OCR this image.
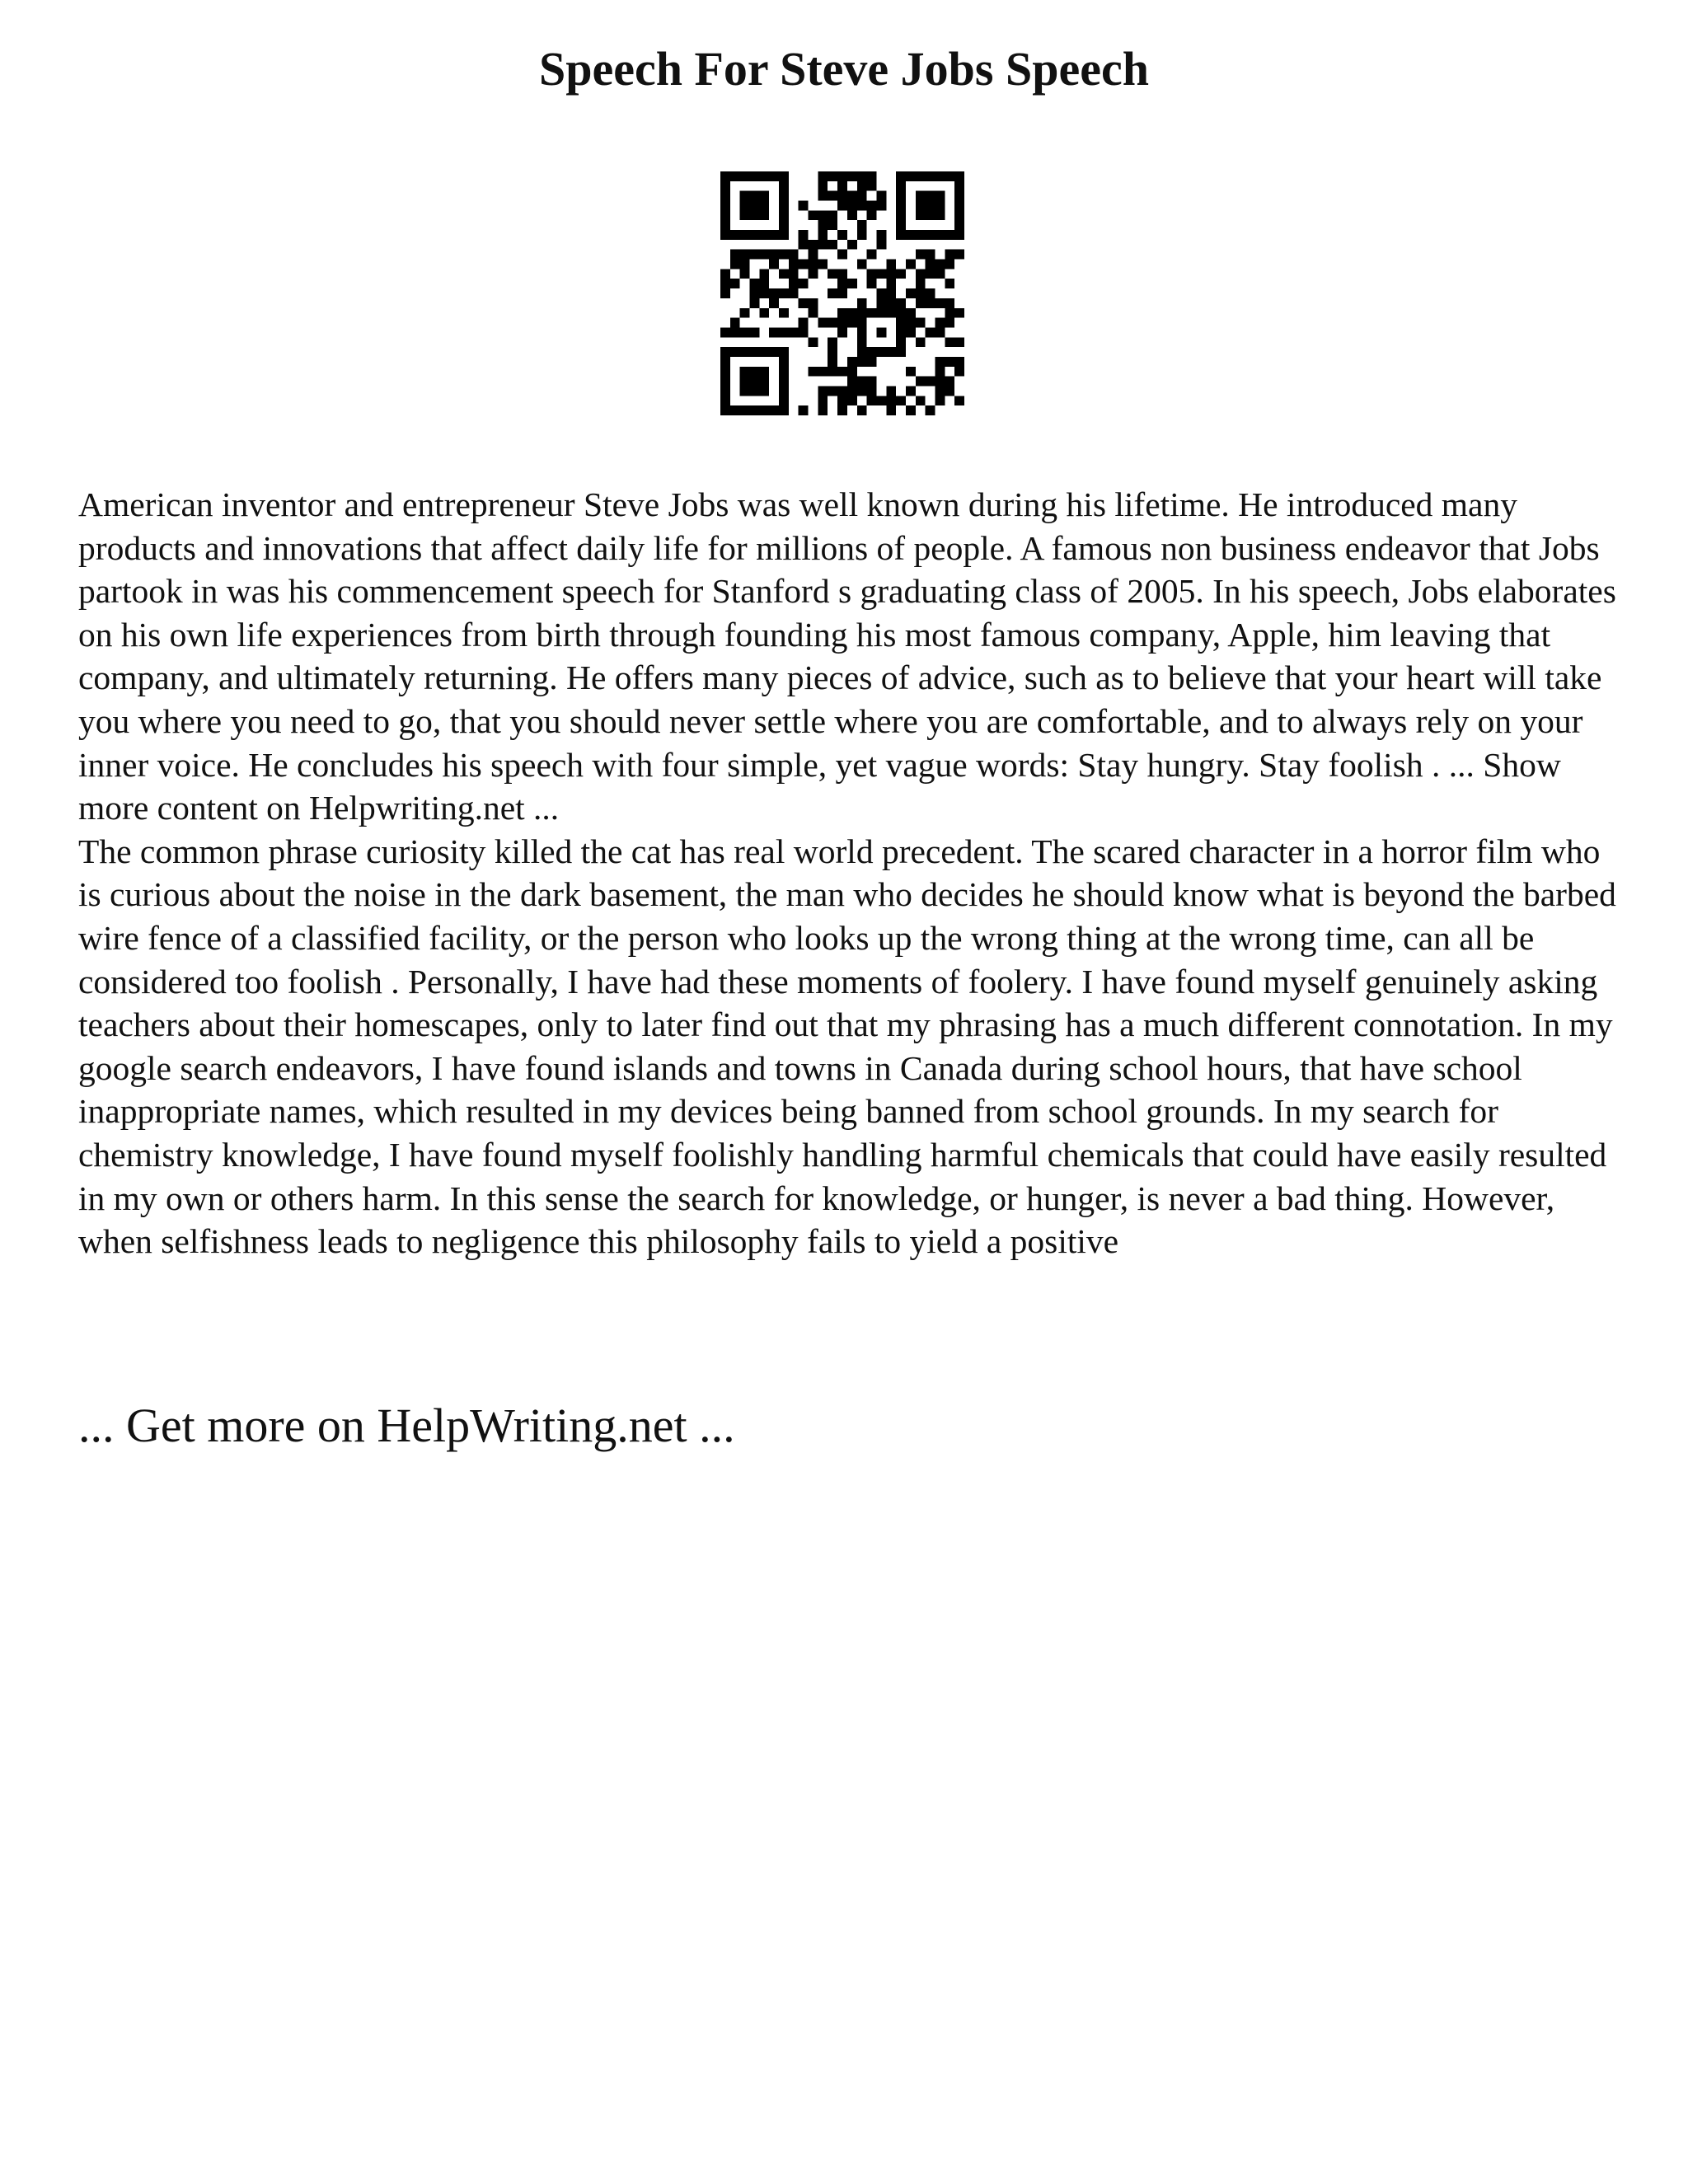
Speech For Steve Jobs Speech

American inventor and entrepreneur Steve Jobs was well known during his lifetime. He introduced many products and innovations that affect daily life for millions of people. A famous non business endeavor that Jobs partook in was his commencement speech for Stanford s graduating class of 2005. In his speech, Jobs elaborates on his own life experiences from birth through founding his most famous company, Apple, him leaving that company, and ultimately returning. He offers many pieces of advice, such as to believe that your heart will take you where you need to go, that you should never settle where you are comfortable, and to always rely on your inner voice. He concludes his speech with four simple, yet vague words: Stay hungry. Stay foolish . ... Show more content on Helpwriting.net ...

The common phrase curiosity killed the cat has real world precedent. The scared character in a horror film who is curious about the noise in the dark basement, the man who decides he should know what is beyond the barbed wire fence of a classified facility, or the person who looks up the wrong thing at the wrong time, can all be considered too foolish . Personally, I have had these moments of foolery. I have found myself genuinely asking teachers about their homescapes, only to later find out that my phrasing has a much different connotation. In my google search endeavors, I have found islands and towns in Canada during school hours, that have school inappropriate names, which resulted in my devices being banned from school grounds. In my search for chemistry knowledge, I have found myself foolishly handling harmful chemicals that could have easily resulted in my own or others harm. In this sense the search for knowledge, or hunger, is never a bad thing. However, when selfishness leads to negligence this philosophy fails to yield a positive

... Get more on HelpWriting.net ...
